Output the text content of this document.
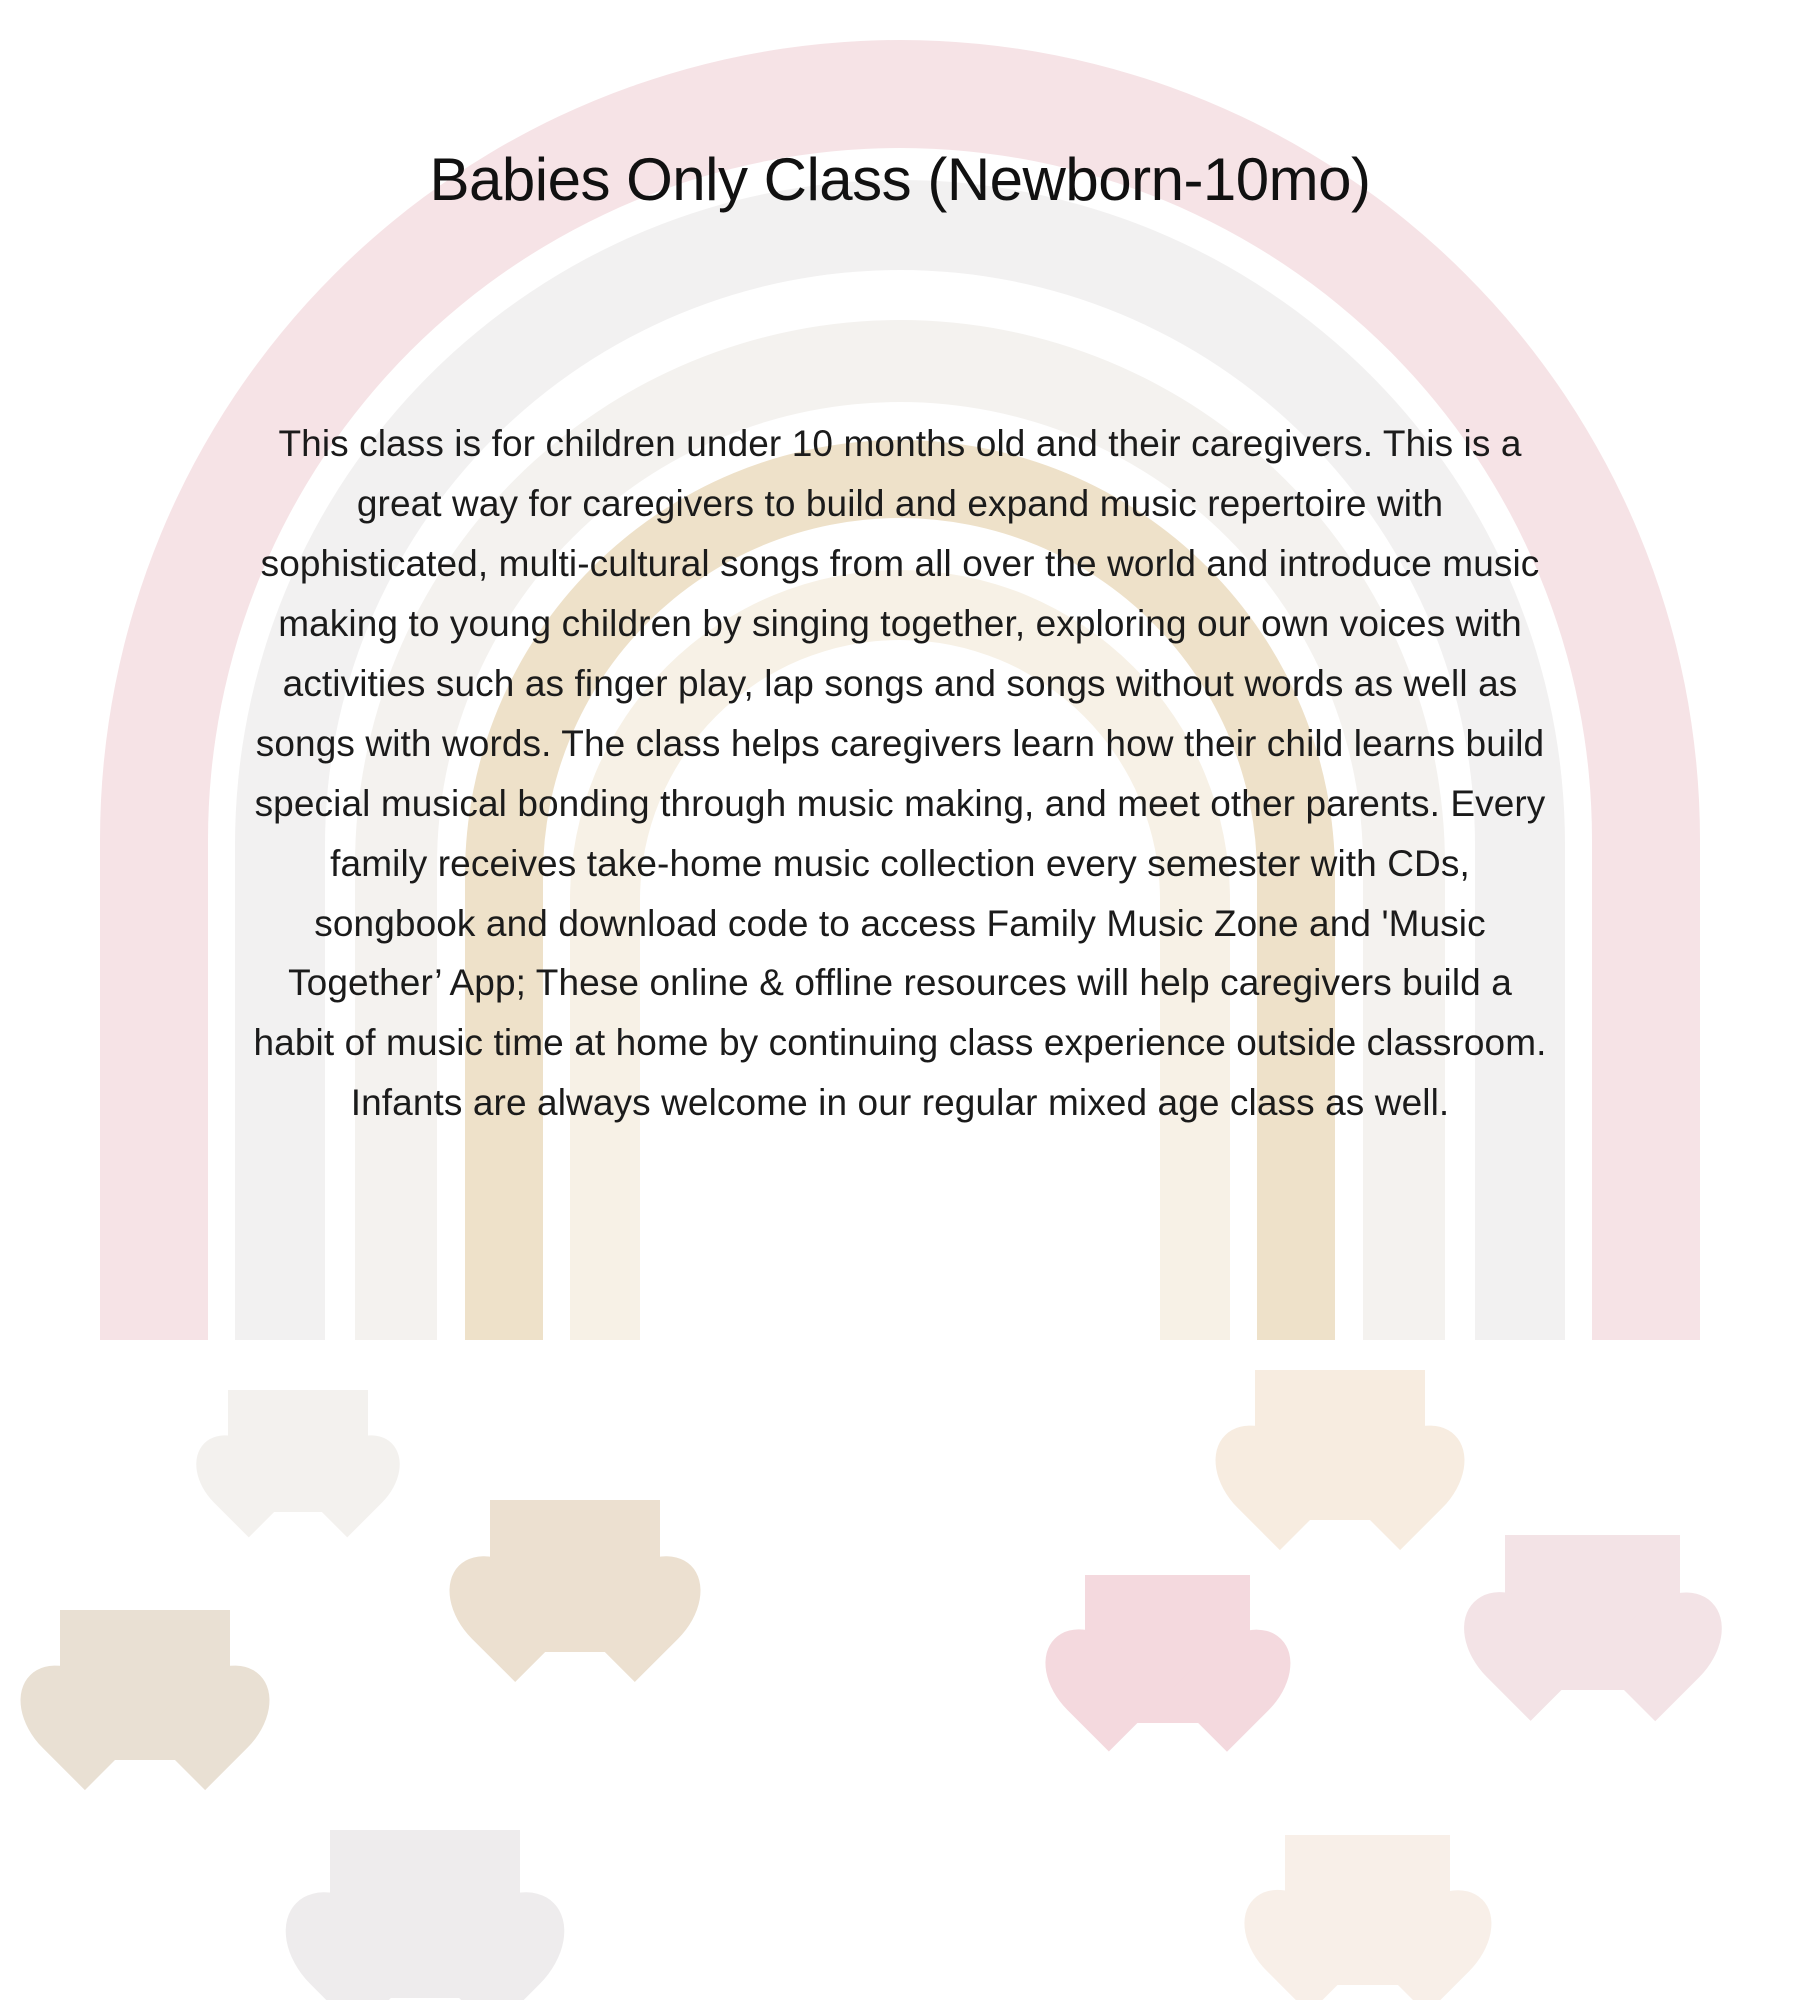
Babies Only Class (Newborn-10mo)

This class is for children under 10 months old and their caregivers. This is a great way for caregivers to build and expand music repertoire with sophisticated, multi-cultural songs from all over the world and introduce music making to young children by singing together, exploring our own voices with activities such as finger play, lap songs and songs without words as well as songs with words. The class helps caregivers learn how their child learns build special musical bonding through music making, and meet other parents. Every family receives take-home music collection every semester with CDs, songbook and download code to access Family Music Zone and 'Music Together’ App; These online & offline resources will help caregivers build a habit of music time at home by continuing class experience outside classroom. Infants are always welcome in our regular mixed age class as well.
